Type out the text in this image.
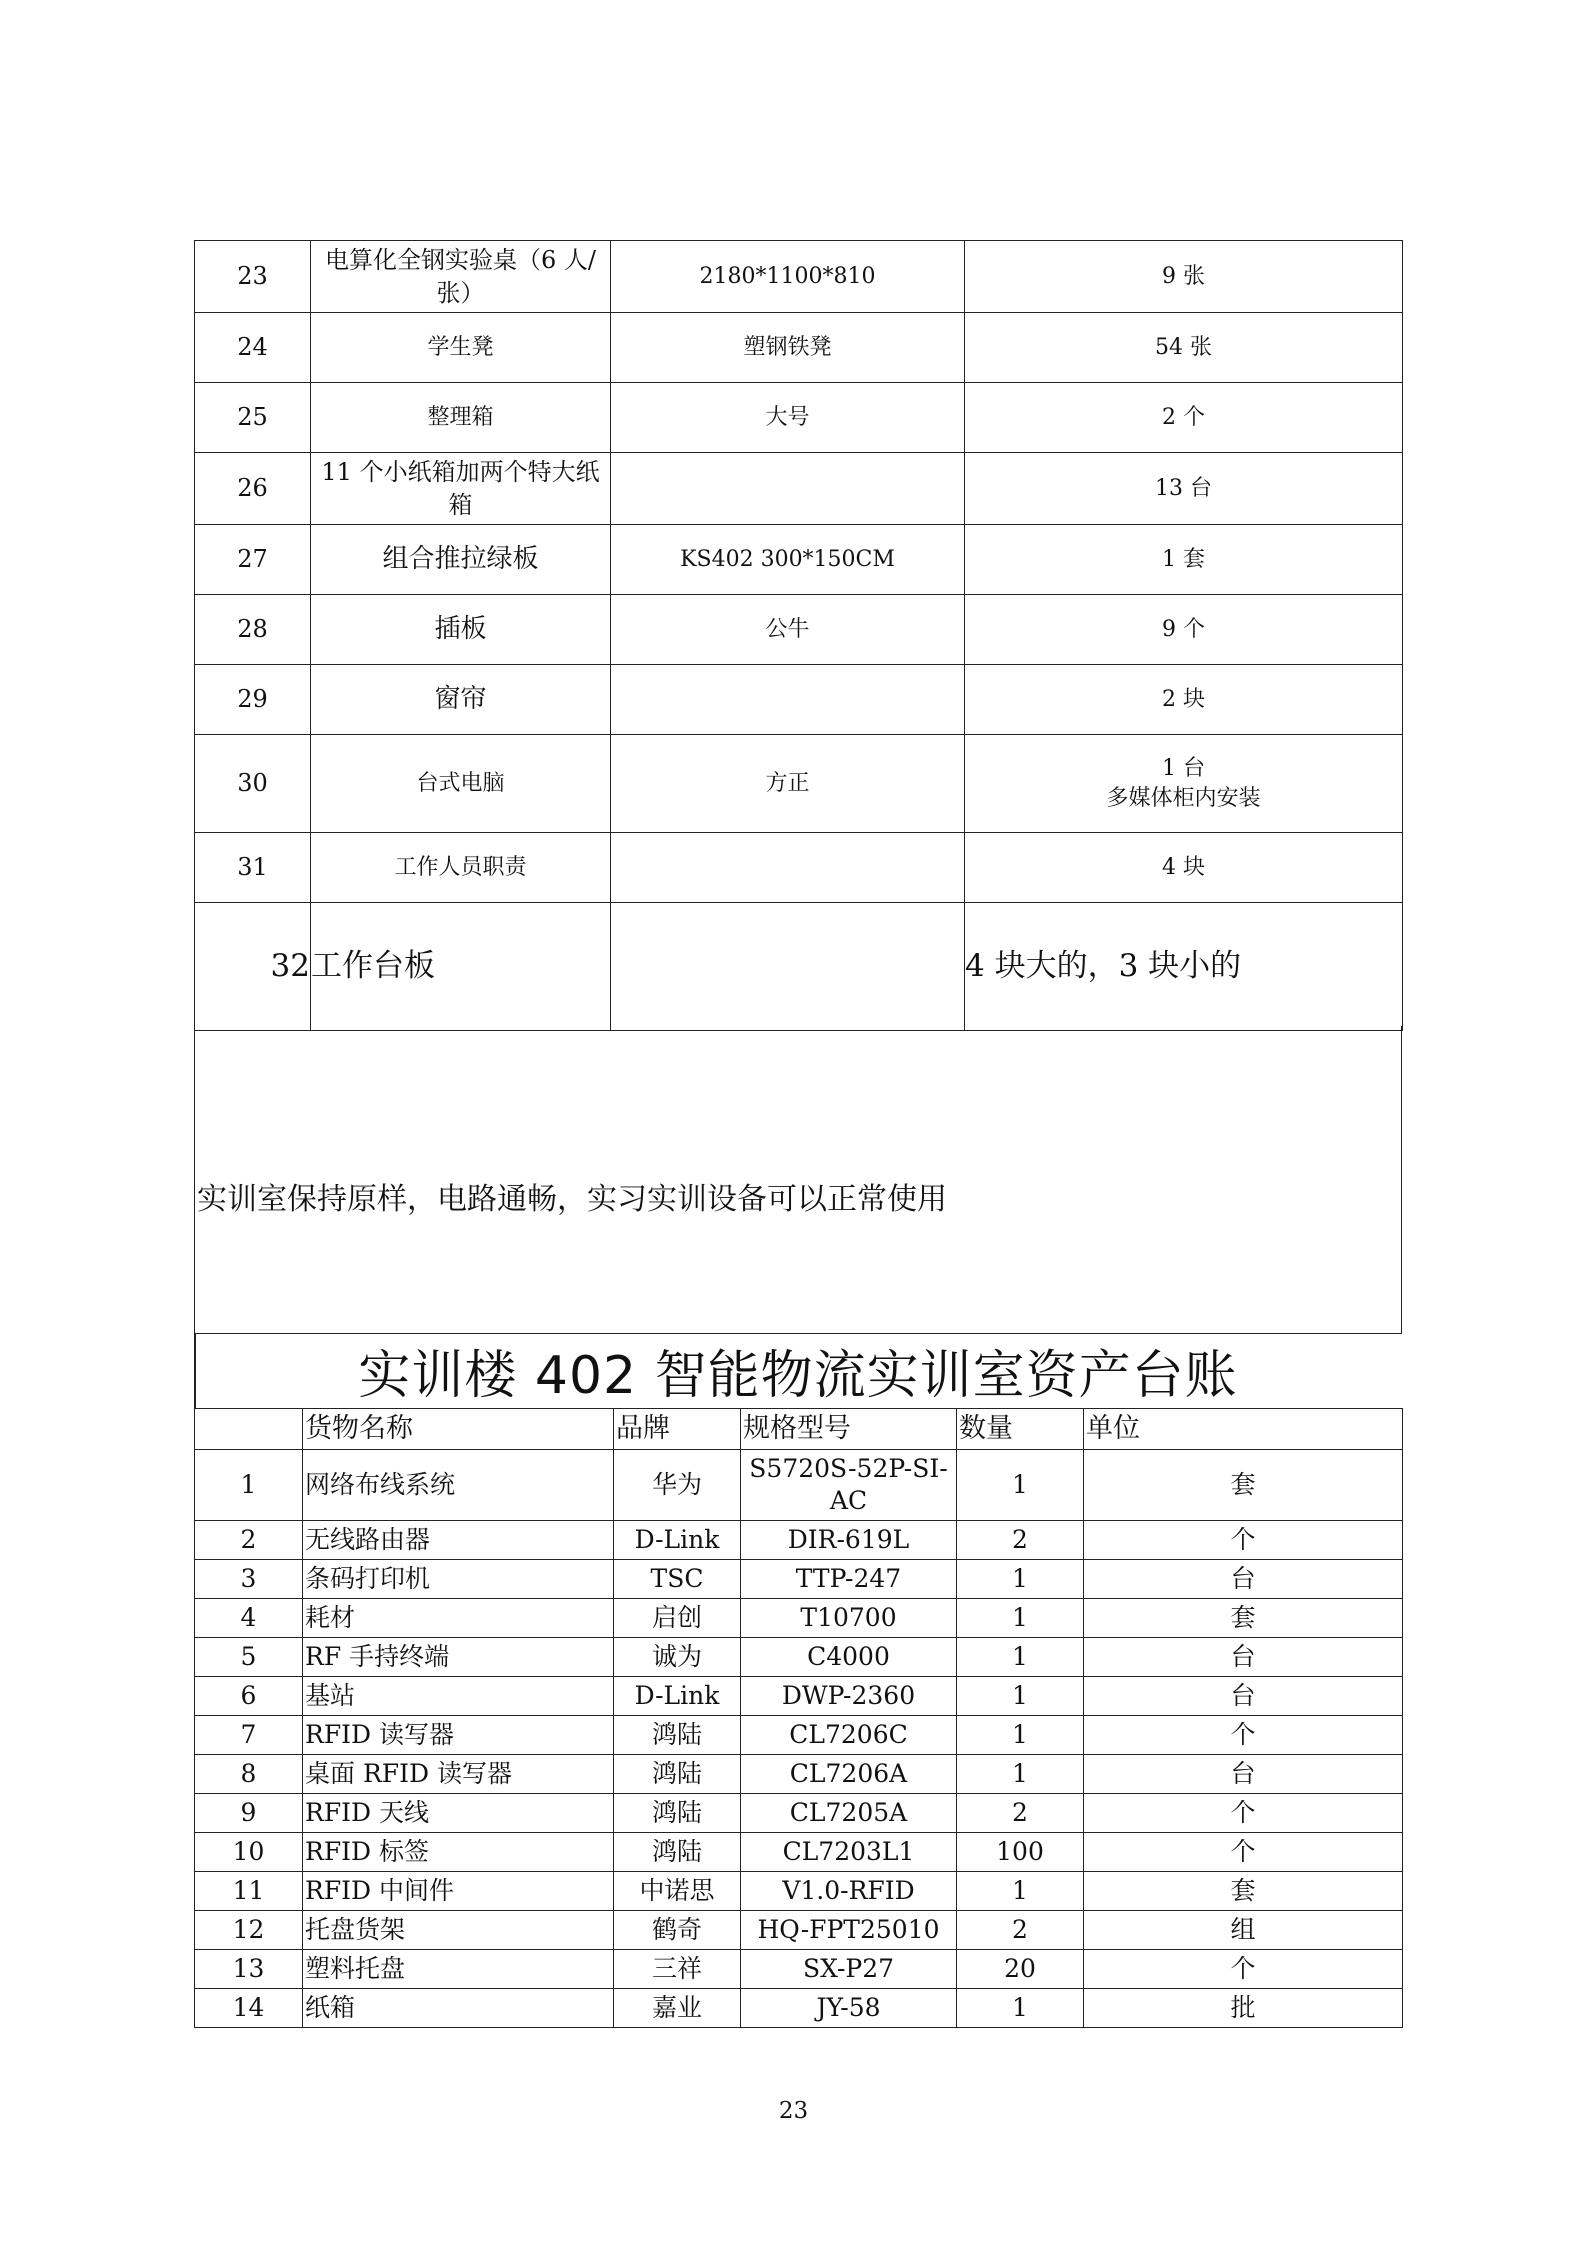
23	电算化全钢实验桌（6 人/张）	2180*1100*810	9 张

24	学生凳	塑钢铁凳	54 张

25	整理箱	大号	2 个

26	11 个小纸箱加两个特大纸箱		13 台

27	组合推拉绿板	KS402 300*150CM	1 套

28	插板	公牛	9 个

29	窗帘		2 块

30	台式电脑	方正	1 台
多媒体柜内安装

31	工作人员职责		4 块

32	工作台板		4 块大的，3 块小的
实训室保持原样，电路通畅，实习实训设备可以正常使用
实训楼 402 智能物流实训室资产台账
	货物名称	品牌	规格型号	数量	单位
1	网络布线系统	华为	S5720S-52P-SI-AC	1	套
2	无线路由器	D-Link	DIR-619L	2	个
3	条码打印机	TSC	TTP-247	1	台
4	耗材	启创	T10700	1	套
5	RF 手持终端	诚为	C4000	1	台
6	基站	D-Link	DWP-2360	1	台
7	RFID 读写器	鸿陆	CL7206C	1	个
8	桌面 RFID 读写器	鸿陆	CL7206A	1	台
9	RFID 天线	鸿陆	CL7205A	2	个
10	RFID 标签	鸿陆	CL7203L1	100	个
11	RFID 中间件	中诺思	V1.0-RFID	1	套
12	托盘货架	鹤奇	HQ-FPT25010	2	组
13	塑料托盘	三祥	SX-P27	20	个
14	纸箱	嘉业	JY-58	1	批
23
